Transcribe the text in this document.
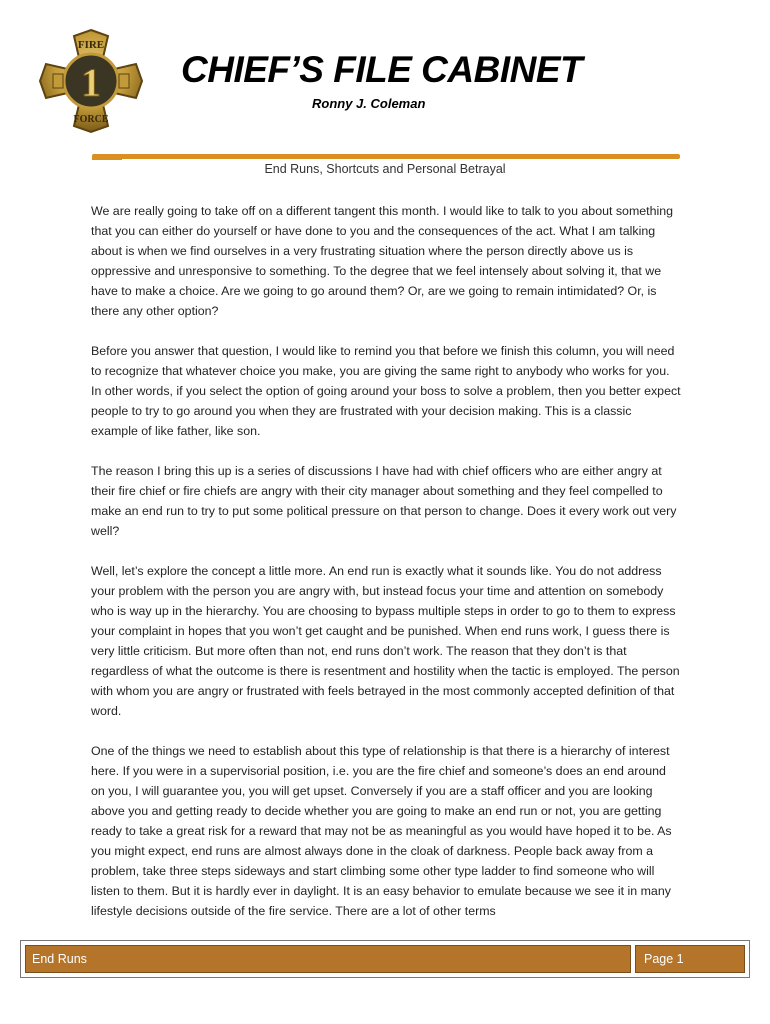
FIRE
1
FORCE
CHIEF’S FILE CABINET
Ronny J. Coleman
End Runs, Shortcuts and Personal Betrayal

We are really going to take off on a different tangent this month. I would like to talk to you about something that you can either do yourself or have done to you and the consequences of the act. What I am talking about is when we find ourselves in a very frustrating situation where the person directly above us is oppressive and unresponsive to something. To the degree that we feel intensely about solving it, that we have to make a choice. Are we going to go around them? Or, are we going to remain intimidated? Or, is there any other option?

Before you answer that question, I would like to remind you that before we finish this column, you will need to recognize that whatever choice you make, you are giving the same right to anybody who works for you. In other words, if you select the option of going around your boss to solve a problem, then you better expect people to try to go around you when they are frustrated with your decision making. This is a classic example of like father, like son.

The reason I bring this up is a series of discussions I have had with chief officers who are either angry at their fire chief or fire chiefs are angry with their city manager about something and they feel compelled to make an end run to try to put some political pressure on that person to change. Does it every work out very well?

Well, let’s explore the concept a little more. An end run is exactly what it sounds like. You do not address your problem with the person you are angry with, but instead focus your time and attention on somebody who is way up in the hierarchy. You are choosing to bypass multiple steps in order to go to them to express your complaint in hopes that you won’t get caught and be punished. When end runs work, I guess there is very little criticism. But more often than not, end runs don’t work. The reason that they don’t is that regardless of what the outcome is there is resentment and hostility when the tactic is employed. The person with whom you are angry or frustrated with feels betrayed in the most commonly accepted definition of that word.

One of the things we need to establish about this type of relationship is that there is a hierarchy of interest here. If you were in a supervisorial position, i.e. you are the fire chief and someone’s does an end around on you, I will guarantee you, you will get upset. Conversely if you are a staff officer and you are looking above you and getting ready to decide whether you are going to make an end run or not, you are getting ready to take a great risk for a reward that may not be as meaningful as you would have hoped it to be. As you might expect, end runs are almost always done in the cloak of darkness. People back away from a problem, take three steps sideways and start climbing some other type ladder to find someone who will listen to them. But it is hardly ever in daylight. It is an easy behavior to emulate because we see it in many lifestyle decisions outside of the fire service. There are a lot of other terms

End Runs	Page 1
